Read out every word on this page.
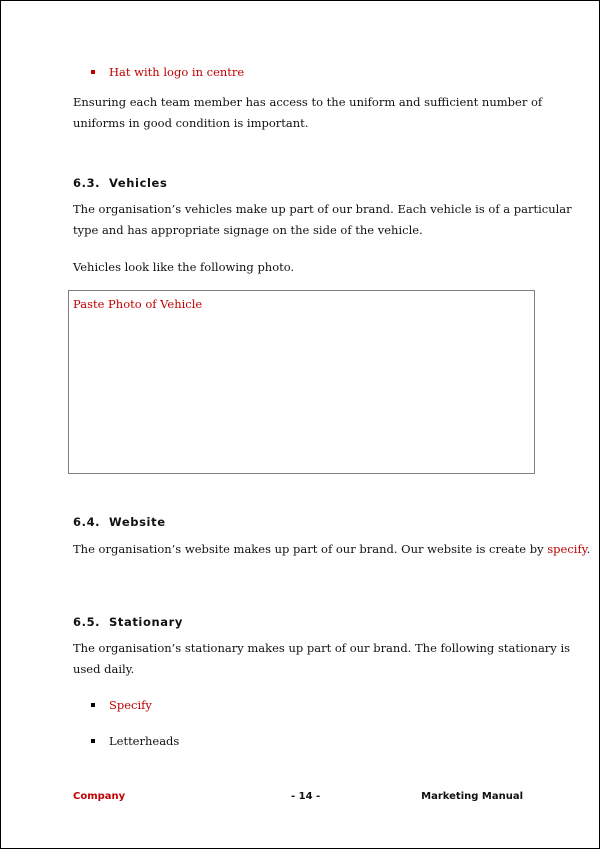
Hat with logo in centre
Ensuring each team member has access to the uniform and sufficient number of
uniforms in good condition is important.
6.3. Vehicles
The organisation’s vehicles make up part of our brand. Each vehicle is of a particular
type and has appropriate signage on the side of the vehicle.
Vehicles look like the following photo.
Paste Photo of Vehicle
6.4. Website
The organisation’s website makes up part of our brand. Our website is create by specify.
6.5. Stationary
The organisation’s stationary makes up part of our brand. The following stationary is
used daily.
Specify
Letterheads
Company	- 14 -	Marketing Manual
